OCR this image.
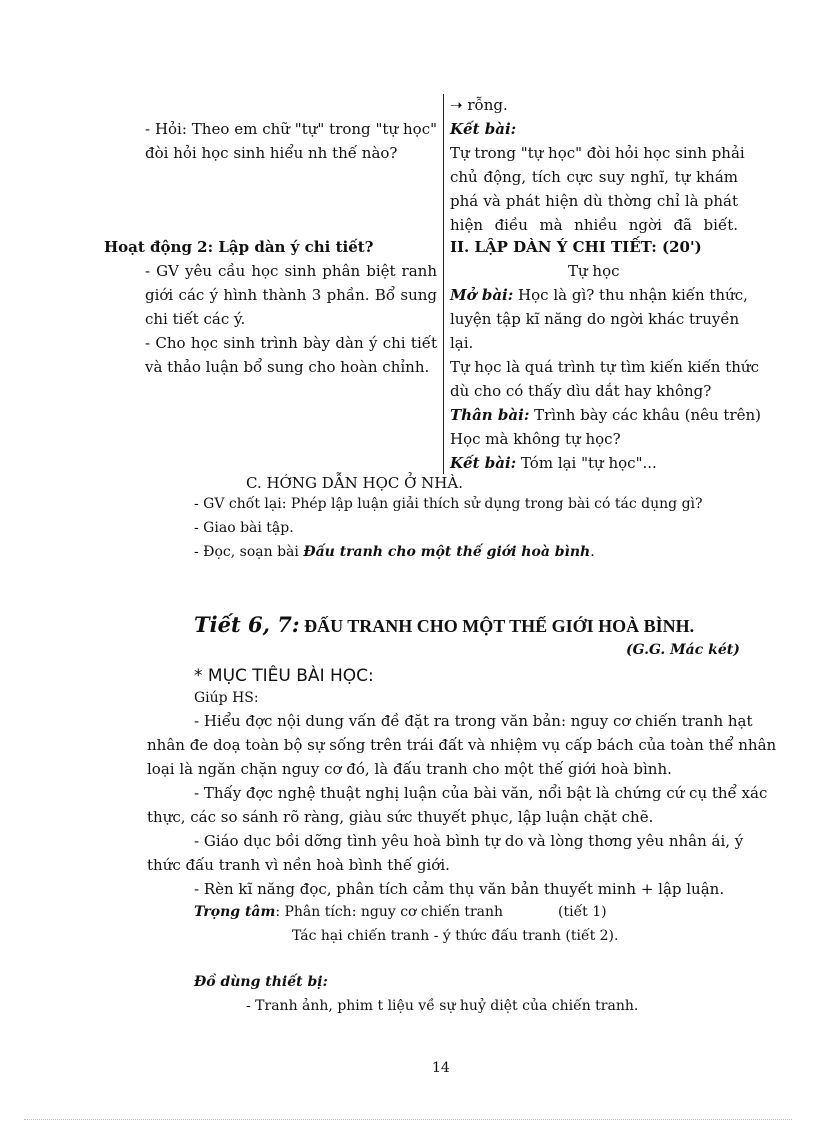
- Hỏi: Theo em chữ "tự" trong "tự học"
đòi hỏi học sinh hiểu nh thế nào?
Hoạt động 2: Lập dàn ý chi tiết?
- GV yêu cầu học sinh phân biệt ranh
giới các ý hình thành 3 phần. Bổ sung
chi tiết các ý.
- Cho học sinh trình bày dàn ý chi tiết
và thảo luận bổ sung cho hoàn chỉnh.
➝ rỗng.
Kết bài:
Tự trong "tự học" đòi hỏi học sinh phải
chủ động, tích cực suy nghĩ, tự khám
phá và phát hiện dù thờng chỉ là phát
hiện điều mà nhiều ngời đã biết.
II. LẬP DÀN Ý CHI TIẾT: (20')
Tự học
Mở bài: Học là gì? thu nhận kiến thức,
luyện tập kĩ năng do ngời khác truyền
lại.
Tự học là quá trình tự tìm kiến kiến thức
dù cho có thấy dìu dắt hay không?
Thân bài: Trình bày các khâu (nêu trên)
Học mà không tự học?
Kết bài: Tóm lại "tự học"...
C. HỚNG DẪN HỌC Ở NHÀ.
- GV chốt lại: Phép lập luận giải thích sử dụng trong bài có tác dụng gì?
- Giao bài tập.
- Đọc, soạn bài Đấu tranh cho một thế giới hoà bình.
Tiết 6, 7: ĐẤU TRANH CHO MỘT THẾ GIỚI HOÀ BÌNH.
(G.G. Mác két)
* MỤC TIÊU BÀI HỌC:
Giúp HS:
- Hiểu đợc nội dung vấn đề đặt ra trong văn bản: nguy cơ chiến tranh hạt
nhân đe doạ toàn bộ sự sống trên trái đất và nhiệm vụ cấp bách của toàn thể nhân
loại là ngăn chặn nguy cơ đó, là đấu tranh cho một thế giới hoà bình.
- Thấy đợc nghệ thuật nghị luận của bài văn, nổi bật là chứng cứ cụ thể xác
thực, các so sánh rõ ràng, giàu sức thuyết phục, lập luận chặt chẽ.
- Giáo dục bồi dỡng tình yêu hoà bình tự do và lòng thơng yêu nhân ái, ý
thức đấu tranh vì nền hoà bình thế giới.
- Rèn kĩ năng đọc, phân tích cảm thụ văn bản thuyết minh + lập luận.
Trọng tâm: Phân tích: nguy cơ chiến tranh	(tiết 1)
Tác hại chiến tranh - ý thức đấu tranh (tiết 2).
Đồ dùng thiết bị:
- Tranh ảnh, phim t liệu về sự huỷ diệt của chiến tranh.
14
